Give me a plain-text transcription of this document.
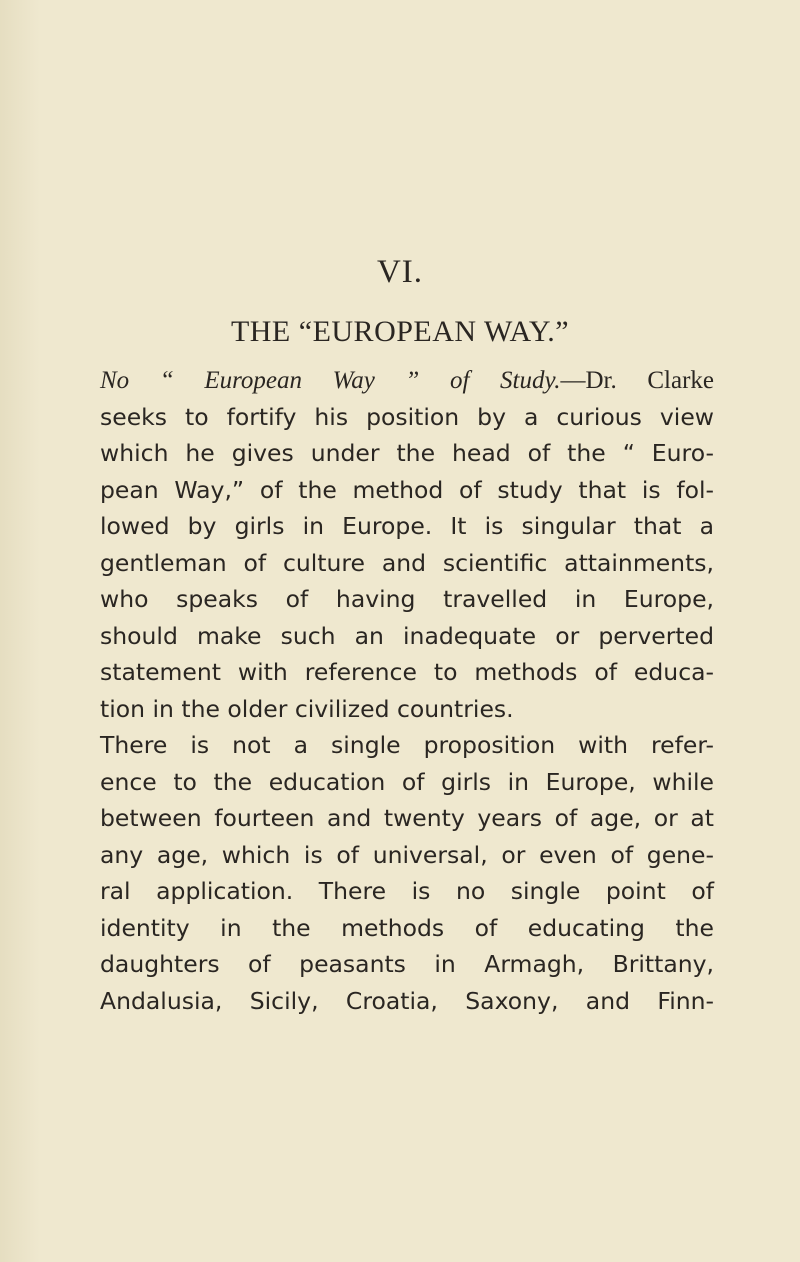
VI.
THE “EUROPEAN WAY.”
No “ European Way ” of Study.—Dr. Clarke
seeks to fortify his position by a curious view
which he gives under the head of the “ Euro-
pean Way,” of the method of study that is fol-
lowed by girls in Europe. It is singular that a
gentleman of culture and scientific attainments,
who speaks of having travelled in Europe,
should make such an inadequate or perverted
statement with reference to methods of educa-
tion in the older civilized countries.
There is not a single proposition with refer-
ence to the education of girls in Europe, while
between fourteen and twenty years of age, or at
any age, which is of universal, or even of gene-
ral application. There is no single point of
identity in the methods of educating the
daughters of peasants in Armagh, Brittany,
Andalusia, Sicily, Croatia, Saxony, and Finn-
